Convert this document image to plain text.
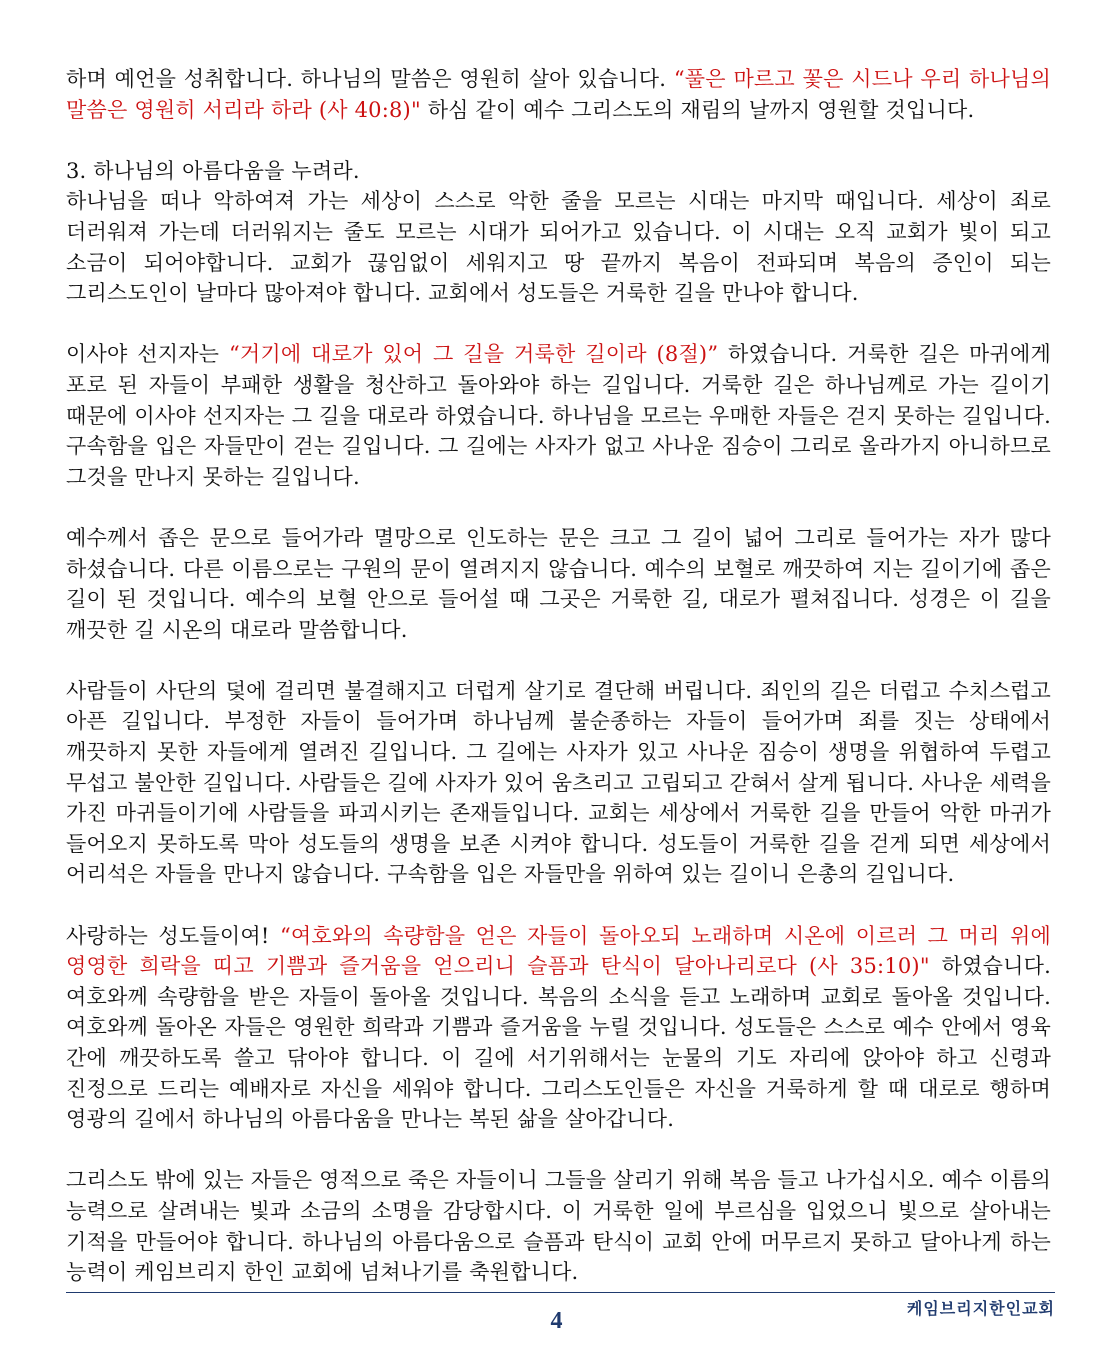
하며 예언을 성취합니다. 하나님의 말씀은 영원히 살아 있습니다. “풀은 마르고 꽃은 시드나 우리 하나님의 말씀은 영원히 서리라 하라 (사 40:8)" 하심 같이 예수 그리스도의 재림의 날까지 영원할 것입니다.

3. 하나님의 아름다움을 누려라.

하나님을 떠나 악하여져 가는 세상이 스스로 악한 줄을 모르는 시대는 마지막 때입니다. 세상이 죄로 더러워져 가는데 더러워지는 줄도 모르는 시대가 되어가고 있습니다. 이 시대는 오직 교회가 빛이 되고 소금이 되어야합니다. 교회가 끊임없이 세워지고 땅 끝까지 복음이 전파되며 복음의 증인이 되는 그리스도인이 날마다 많아져야 합니다. 교회에서 성도들은 거룩한 길을 만나야 합니다.

이사야 선지자는 “거기에 대로가 있어 그 길을 거룩한 길이라 (8절)” 하였습니다. 거룩한 길은 마귀에게 포로 된 자들이 부패한 생활을 청산하고 돌아와야 하는 길입니다. 거룩한 길은 하나님께로 가는 길이기 때문에 이사야 선지자는 그 길을 대로라 하였습니다. 하나님을 모르는 우매한 자들은 걷지 못하는 길입니다. 구속함을 입은 자들만이 걷는 길입니다. 그 길에는 사자가 없고 사나운 짐승이 그리로 올라가지 아니하므로 그것을 만나지 못하는 길입니다.

예수께서 좁은 문으로 들어가라 멸망으로 인도하는 문은 크고 그 길이 넓어 그리로 들어가는 자가 많다 하셨습니다. 다른 이름으로는 구원의 문이 열려지지 않습니다. 예수의 보혈로 깨끗하여 지는 길이기에 좁은 길이 된 것입니다. 예수의 보혈 안으로 들어설 때 그곳은 거룩한 길, 대로가 펼쳐집니다. 성경은 이 길을 깨끗한 길 시온의 대로라 말씀합니다.

사람들이 사단의 덫에 걸리면 불결해지고 더럽게 살기로 결단해 버립니다. 죄인의 길은 더럽고 수치스럽고 아픈 길입니다. 부정한 자들이 들어가며 하나님께 불순종하는 자들이 들어가며 죄를 짓는 상태에서 깨끗하지 못한 자들에게 열려진 길입니다. 그 길에는 사자가 있고 사나운 짐승이 생명을 위협하여 두렵고 무섭고 불안한 길입니다. 사람들은 길에 사자가 있어 움츠리고 고립되고 갇혀서 살게 됩니다. 사나운 세력을 가진 마귀들이기에 사람들을 파괴시키는 존재들입니다. 교회는 세상에서 거룩한 길을 만들어 악한 마귀가 들어오지 못하도록 막아 성도들의 생명을 보존 시켜야 합니다. 성도들이 거룩한 길을 걷게 되면 세상에서 어리석은 자들을 만나지 않습니다. 구속함을 입은 자들만을 위하여 있는 길이니 은총의 길입니다.

사랑하는 성도들이여! “여호와의 속량함을 얻은 자들이 돌아오되 노래하며 시온에 이르러 그 머리 위에 영영한 희락을 띠고 기쁨과 즐거움을 얻으리니 슬픔과 탄식이 달아나리로다 (사 35:10)" 하였습니다. 여호와께 속량함을 받은 자들이 돌아올 것입니다. 복음의 소식을 듣고 노래하며 교회로 돌아올 것입니다. 여호와께 돌아온 자들은 영원한 희락과 기쁨과 즐거움을 누릴 것입니다. 성도들은 스스로 예수 안에서 영육 간에 깨끗하도록 쓸고 닦아야 합니다. 이 길에 서기위해서는 눈물의 기도 자리에 앉아야 하고 신령과 진정으로 드리는 예배자로 자신을 세워야 합니다. 그리스도인들은 자신을 거룩하게 할 때 대로로 행하며 영광의 길에서 하나님의 아름다움을 만나는 복된 삶을 살아갑니다.

그리스도 밖에 있는 자들은 영적으로 죽은 자들이니 그들을 살리기 위해 복음 들고 나가십시오. 예수 이름의 능력으로 살려내는 빛과 소금의 소명을 감당합시다. 이 거룩한 일에 부르심을 입었으니 빛으로 살아내는 기적을 만들어야 합니다. 하나님의 아름다움으로 슬픔과 탄식이 교회 안에 머무르지 못하고 달아나게 하는 능력이 케임브리지 한인 교회에 넘쳐나기를 축원합니다.

케임브리지한인교회
4
